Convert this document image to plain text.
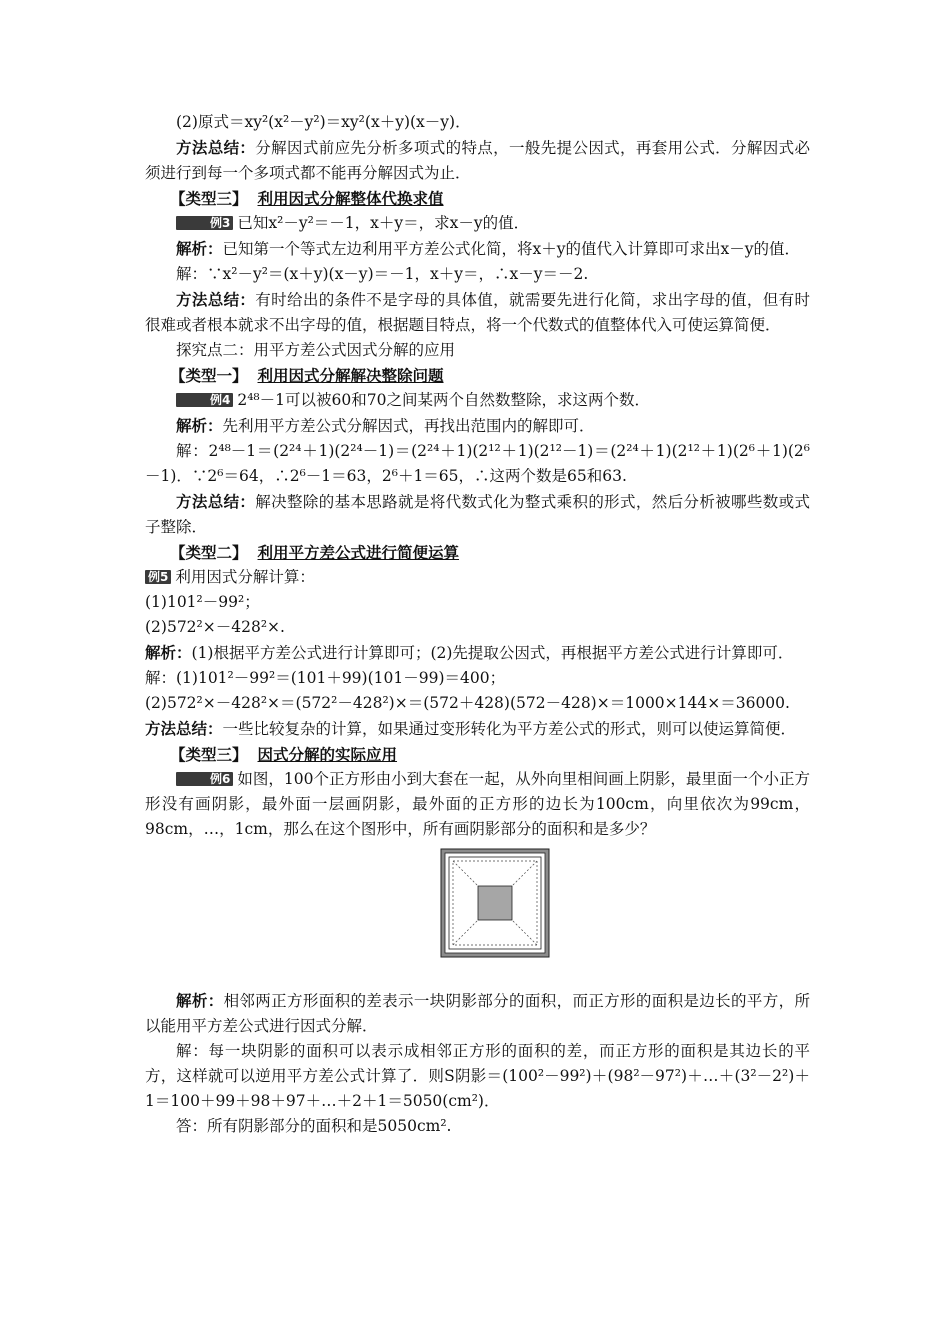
(2)原式＝xy²(x²－y²)＝xy²(x＋y)(x－y)．

方法总结：分解因式前应先分析多项式的特点，一般先提公因式，再套用公式．分解因式必须进行到每一个多项式都不能再分解因式为止．

【类型三】 利用因式分解整体代换求值

例3 已知x²－y²＝－1，x＋y＝，求x－y的值．

解析：已知第一个等式左边利用平方差公式化简，将x＋y的值代入计算即可求出x－y的值．

解：∵x²－y²＝(x＋y)(x－y)＝－1，x＋y＝，∴x－y＝－2.

方法总结：有时给出的条件不是字母的具体值，就需要先进行化简，求出字母的值，但有时很难或者根本就求不出字母的值，根据题目特点，将一个代数式的值整体代入可使运算简便．

探究点二：用平方差公式因式分解的应用

【类型一】 利用因式分解解决整除问题

例4 2⁴⁸－1可以被60和70之间某两个自然数整除，求这两个数．

解析：先利用平方差公式分解因式，再找出范围内的解即可．

解：2⁴⁸－1＝(2²⁴＋1)(2²⁴－1)＝(2²⁴＋1)(2¹²＋1)(2¹²－1)＝(2²⁴＋1)(2¹²＋1)(2⁶＋1)(2⁶－1)．∵2⁶＝64，∴2⁶－1＝63，2⁶＋1＝65，∴这两个数是65和63.

方法总结：解决整除的基本思路就是将代数式化为整式乘积的形式，然后分析被哪些数或式子整除．

【类型二】 利用平方差公式进行简便运算

例5 利用因式分解计算：

(1)101²－99²；

(2)572²×－428²×.

解析：(1)根据平方差公式进行计算即可；(2)先提取公因式，再根据平方差公式进行计算即可．

解：(1)101²－99²＝(101＋99)(101－99)＝400；

(2)572²×－428²×＝(572²－428²)×＝(572＋428)(572－428)×＝1000×144×＝36000.

方法总结：一些比较复杂的计算，如果通过变形转化为平方差公式的形式，则可以使运算简便．

【类型三】 因式分解的实际应用

例6 如图，100个正方形由小到大套在一起，从外向里相间画上阴影，最里面一个小正方形没有画阴影，最外面一层画阴影，最外面的正方形的边长为100cm，向里依次为99cm，98cm，…，1cm，那么在这个图形中，所有画阴影部分的面积和是多少？

解析：相邻两正方形面积的差表示一块阴影部分的面积，而正方形的面积是边长的平方，所以能用平方差公式进行因式分解．

解：每一块阴影的面积可以表示成相邻正方形的面积的差，而正方形的面积是其边长的平方，这样就可以逆用平方差公式计算了．则S阴影＝(100²－99²)＋(98²－97²)＋…＋(3²－2²)＋1＝100＋99＋98＋97＋…＋2＋1＝5050(cm²)．

答：所有阴影部分的面积和是5050cm².
